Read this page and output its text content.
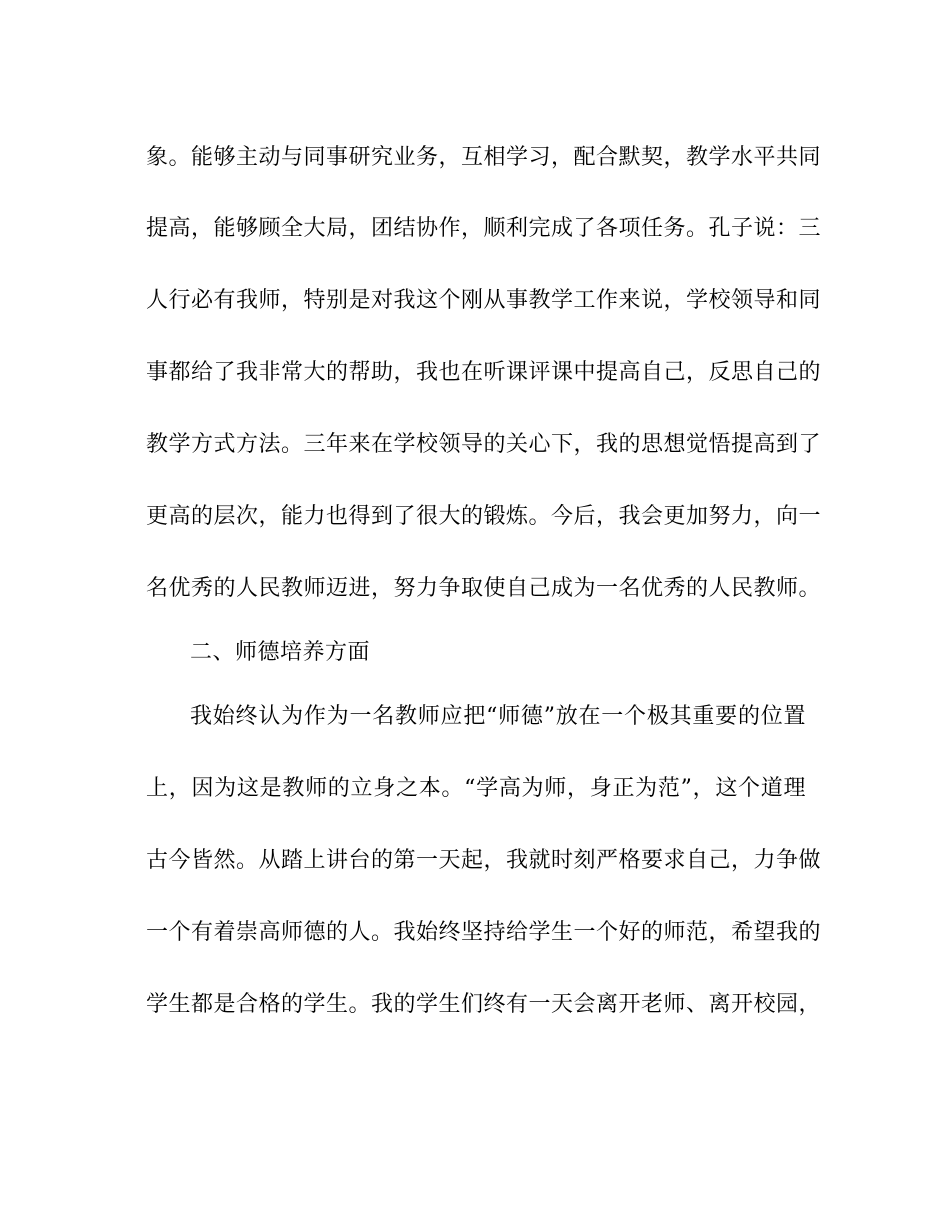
象。能够主动与同事研究业务，互相学习，配合默契，教学水平共同
提高，能够顾全大局，团结协作，顺利完成了各项任务。孔子说：三
人行必有我师，特别是对我这个刚从事教学工作来说，学校领导和同
事都给了我非常大的帮助，我也在听课评课中提高自己，反思自己的
教学方式方法。三年来在学校领导的关心下，我的思想觉悟提高到了
更高的层次，能力也得到了很大的锻炼。今后，我会更加努力，向一
名优秀的人民教师迈进，努力争取使自己成为一名优秀的人民教师。
二、师德培养方面
我始终认为作为一名教师应把“师德”放在一个极其重要的位置
上，因为这是教师的立身之本。“学高为师，身正为范”，这个道理
古今皆然。从踏上讲台的第一天起，我就时刻严格要求自己，力争做
一个有着崇高师德的人。我始终坚持给学生一个好的师范，希望我的
学生都是合格的学生。我的学生们终有一天会离开老师、离开校园，
